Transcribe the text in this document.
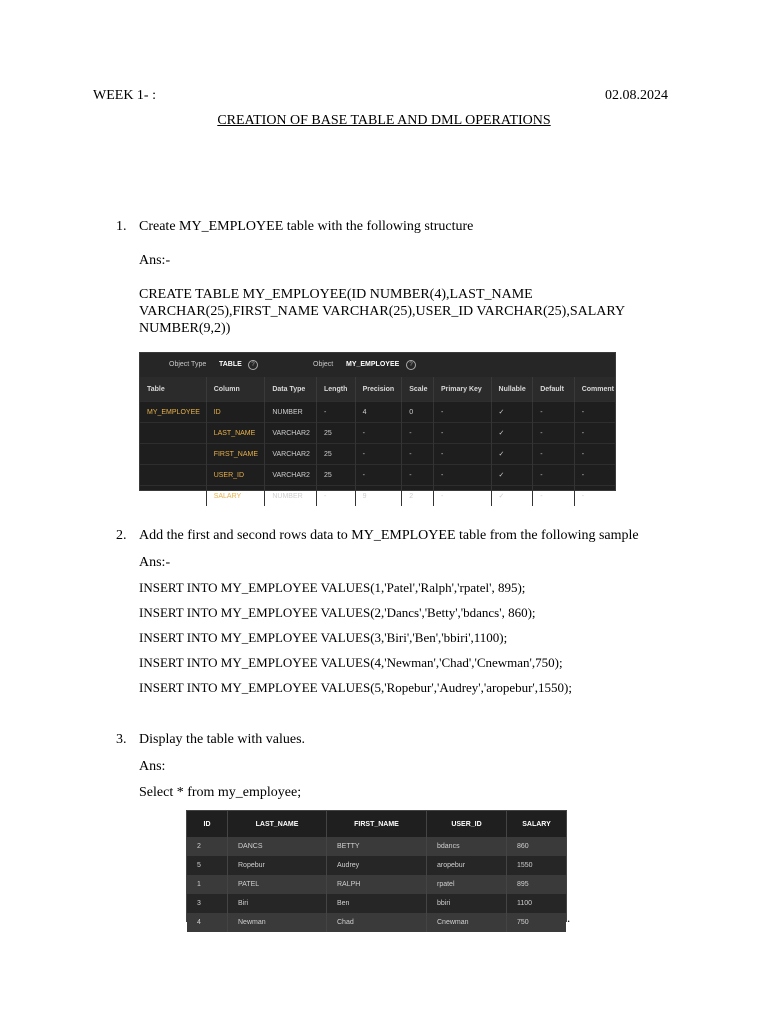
WEEK 1- :	02.08.2024
CREATION OF BASE TABLE AND DML OPERATIONS
1. Create MY_EMPLOYEE table with the following structure
Ans:-
CREATE TABLE MY_EMPLOYEE(ID NUMBER(4),LAST_NAME
VARCHAR(25),FIRST_NAME VARCHAR(25),USER_ID VARCHAR(25),SALARY
NUMBER(9,2))
Object Type TABLE	?	Object MY_EMPLOYEE	?
Table	Column	Data Type	Length	Precision	Scale	Primary Key	Nullable	Default	Comment
MY_EMPLOYEE	ID	NUMBER	-	4	0	-	✓	-	-
	LAST_NAME	VARCHAR2	25	-	-	-	✓	-	-
	FIRST_NAME	VARCHAR2	25	-	-	-	✓	-	-
	USER_ID	VARCHAR2	25	-	-	-	✓	-	-
	SALARY	NUMBER	-	9	2	-	✓	-	-
2. Add the first and second rows data to MY_EMPLOYEE table from the following sample
Ans:-
INSERT INTO MY_EMPLOYEE VALUES(1,'Patel','Ralph','rpatel', 895);
INSERT INTO MY_EMPLOYEE VALUES(2,'Dancs','Betty','bdancs', 860);
INSERT INTO MY_EMPLOYEE VALUES(3,'Biri','Ben','bbiri',1100);
INSERT INTO MY_EMPLOYEE VALUES(4,'Newman','Chad','Cnewman',750);
INSERT INTO MY_EMPLOYEE VALUES(5,'Ropebur','Audrey','aropebur',1550);
3. Display the table with values.
Ans:
Select * from my_employee;
ID	LAST_NAME	FIRST_NAME	USER_ID	SALARY
2	DANCS	BETTY	bdancs	860
5	Ropebur	Audrey	aropebur	1550
1	PATEL	RALPH	rpatel	895
3	Biri	Ben	bbiri	1100
4	Newman	Chad	Cnewman	750	.
